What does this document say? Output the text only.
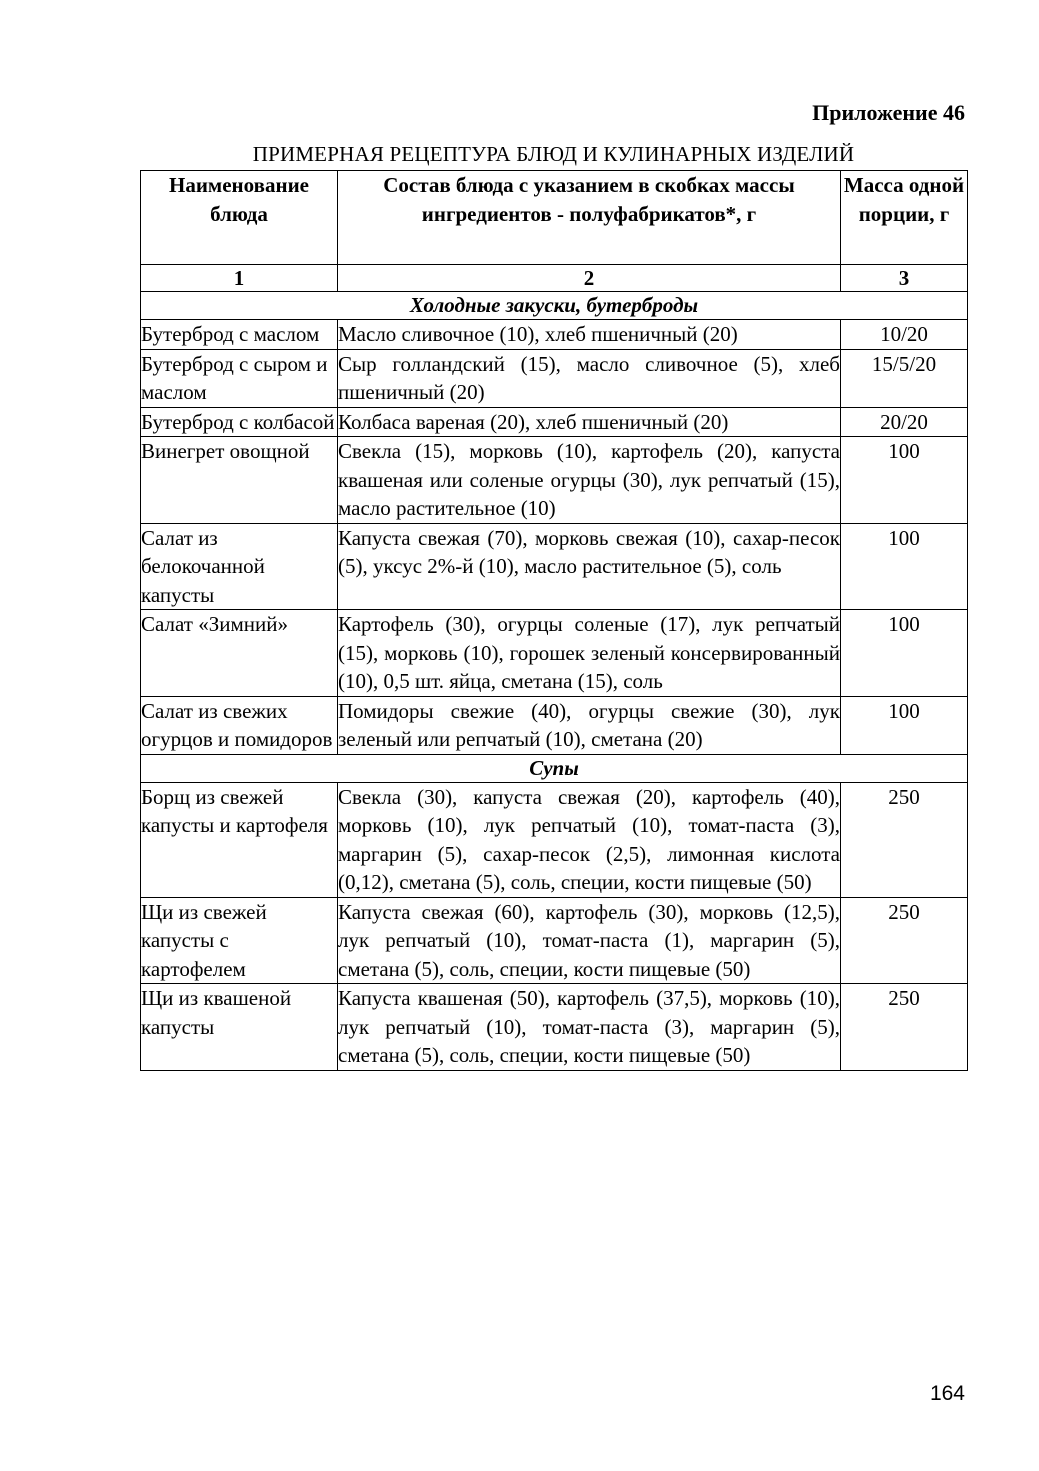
Приложение 46
ПРИМЕРНАЯ РЕЦЕПТУРА БЛЮД И КУЛИНАРНЫХ ИЗДЕЛИЙ
Наименование блюда	Состав блюда с указанием в скобках массы ингредиентов - полуфабрикатов*, г	Масса одной порции, г
1	2	3
Холодные закуски, бутерброды		
Бутерброд с маслом	Масло сливочное (10), хлеб пшеничный (20)	10/20
Бутерброд с сыром и маслом	Сыр голландский (15), масло сливочное (5), хлеб пшеничный (20)	15/5/20
Бутерброд с колбасой	Колбаса вареная (20), хлеб пшеничный (20)	20/20
Винегрет овощной	Свекла (15), морковь (10), картофель (20), капуста квашеная или соленые огурцы (30), лук репчатый (15), масло растительное (10)	100
Салат из белокочанной капусты	Капуста свежая (70), морковь свежая (10), сахар-песок (5), уксус 2%-й (10), масло растительное (5), соль	100
Салат «Зимний»	Картофель (30), огурцы соленые (17), лук репчатый (15), морковь (10), горошек зеленый консервированный (10), 0,5 шт. яйца, сметана (15), соль	100
Салат из свежих огурцов и помидоров	Помидоры свежие (40), огурцы свежие (30), лук зеленый или репчатый (10), сметана (20)	100
Супы		
Борщ из свежей капусты и картофеля	Свекла (30), капуста свежая (20), картофель (40), морковь (10), лук репчатый (10), томат-паста (3), маргарин (5), сахар-песок (2,5), лимонная кислота (0,12), сметана (5), соль, специи, кости пищевые (50)	250
Щи из свежей капусты с картофелем	Капуста свежая (60), картофель (30), морковь (12,5), лук репчатый (10), томат-паста (1), маргарин (5), сметана (5), соль, специи, кости пищевые (50)	250
Щи из квашеной капусты	Капуста квашеная (50), картофель (37,5), морковь (10), лук репчатый (10), томат-паста (3), маргарин (5), сметана (5), соль, специи, кости пищевые (50)	250
164
